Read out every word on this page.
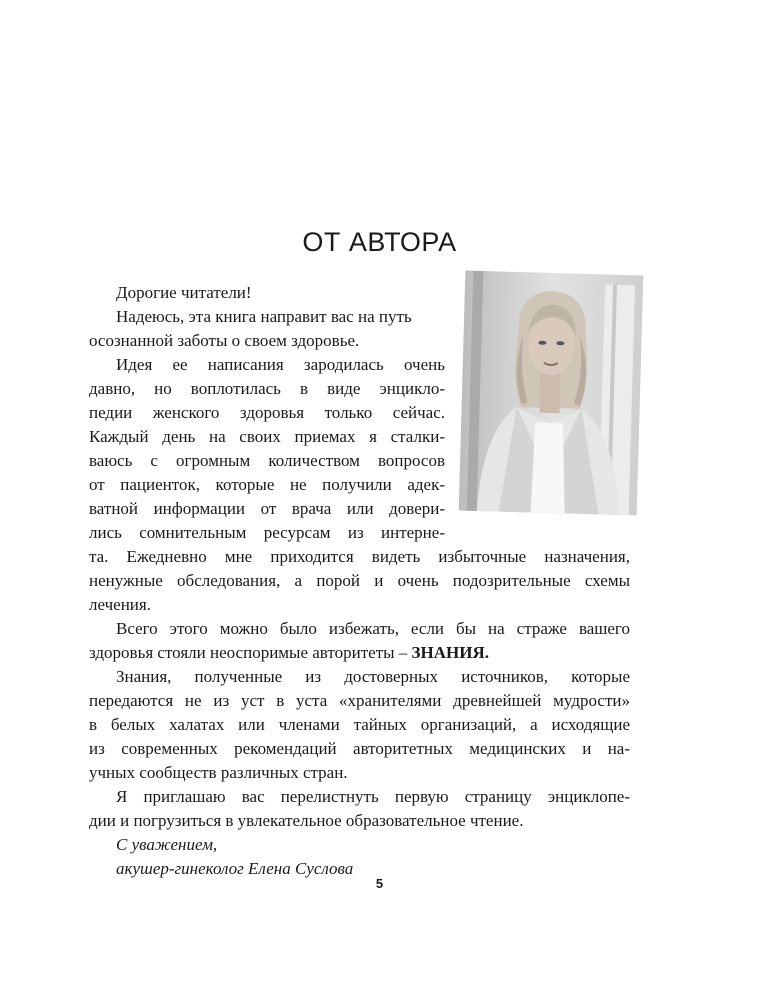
ОТ АВТОРА
Дорогие читатели!
Надеюсь, эта книга направит вас на путь
осознанной заботы о своем здоровье.
Идея ее написания зародилась очень
давно, но воплотилась в виде энцикло-
педии женского здоровья только сейчас.
Каждый день на своих приемах я сталки-
ваюсь с огромным количеством вопросов
от пациенток, которые не получили адек-
ватной информации от врача или довери-
лись сомнительным ресурсам из интерне-
та. Ежедневно мне приходится видеть избыточные назначения,
ненужные обследования, а порой и очень подозрительные схемы
лечения.
Всего этого можно было избежать, если бы на страже вашего
здоровья стояли неоспоримые авторитеты – ЗНАНИЯ.
Знания, полученные из достоверных источников, которые
передаются не из уст в уста «хранителями древнейшей мудрости»
в белых халатах или членами тайных организаций, а исходящие
из современных рекомендаций авторитетных медицинских и на-
учных сообществ различных стран.
Я приглашаю вас перелистнуть первую страницу энциклопе-
дии и погрузиться в увлекательное образовательное чтение.
С уважением,
акушер-гинеколог Елена Суслова
5
